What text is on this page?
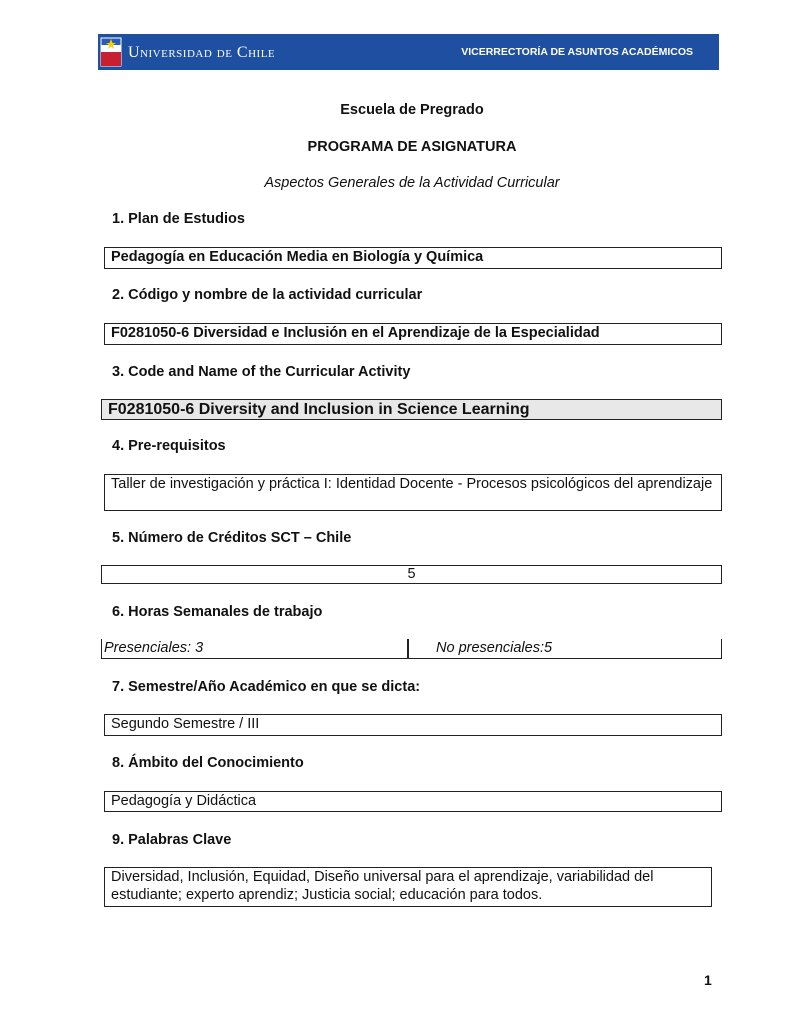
Universidad de Chile	VICERRECTORÍA DE ASUNTOS ACADÉMICOS
Escuela de Pregrado
PROGRAMA DE ASIGNATURA
Aspectos Generales de la Actividad Curricular
1. Plan de Estudios
Pedagogía en Educación Media en Biología y Química
2. Código y nombre de la actividad curricular
F0281050-6 Diversidad e Inclusión en el Aprendizaje de la Especialidad
3. Code and Name of the Curricular Activity
F0281050-6 Diversity and Inclusion in Science Learning
4. Pre-requisitos
Taller de investigación y práctica I: Identidad Docente - Procesos psicológicos del aprendizaje
5. Número de Créditos SCT – Chile
5
6. Horas Semanales de trabajo
Presenciales: 3	No presenciales:5
7. Semestre/Año Académico en que se dicta:
Segundo Semestre / III
8. Ámbito del Conocimiento
Pedagogía y Didáctica
9. Palabras Clave
Diversidad, Inclusión, Equidad, Diseño universal para el aprendizaje, variabilidad del estudiante; experto aprendiz; Justicia social; educación para todos.
1
